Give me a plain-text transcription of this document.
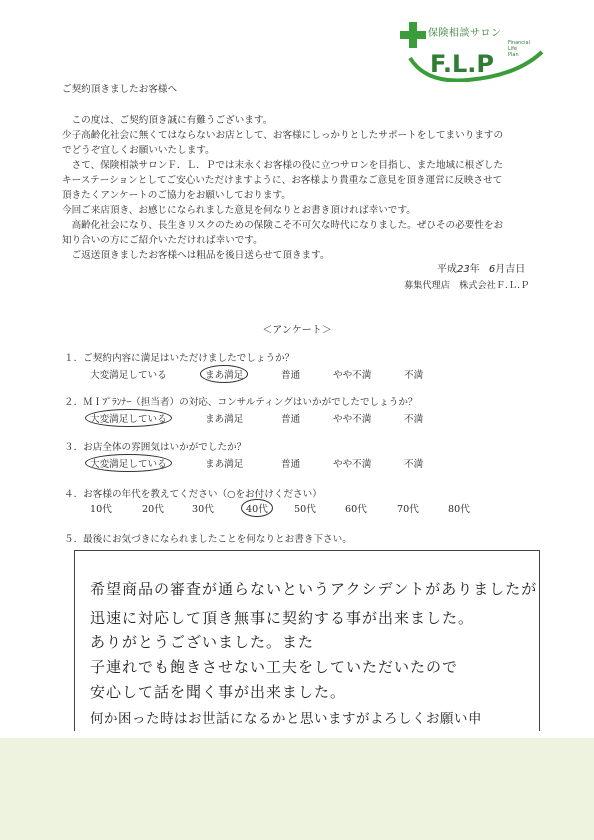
保険相談サロン
F.L.P
Financial
Life
Plan
ご契約頂きましたお客様へ

　この度は、ご契約頂き誠に有難うございます。

少子高齢化社会に無くてはならないお店として、お客様にしっかりとしたサポートをしてまいりますの

でどうぞ宜しくお願いいたします。

　さて、保険相談サロンＦ．Ｌ．Ｐでは末永くお客様の役に立つサロンを目指し、また地域に根ざした

キーステーションとしてご安心いただけますように、お客様より貴重なご意見を頂き運営に反映させて

頂きたくアンケートのご協力をお願いしております。

今回ご来店頂き、お感じになられました意見を何なりとお書き頂ければ幸いです。

　高齢化社会になり、長生きリスクのための保険こそ不可欠な時代になりました。ぜひその必要性をお

知り合いの方にご紹介いただければ幸いです。

　ご返送頂きましたお客様へは粗品を後日送らせて頂きます。

平成23年 6月吉日
募集代理店　株式会社Ｆ.Ｌ.Ｐ
＜アンケート＞
１．ご契約内容に満足はいただけましたでしょうか？
大変満足している	まあ満足	普通	やや不満	不満
２．ＭＩﾌﾟﾗﾝﾅｰ（担当者）の対応、コンサルティングはいかがでしたでしょうか？
大変満足している	まあ満足	普通	やや不満	不満
３．お店全体の雰囲気はいかがでしたか？
大変満足している	まあ満足	普通	やや不満	不満
４．お客様の年代を教えてください（○をお付けください）
10代	20代	30代	40代	50代	60代	70代	80代
５．最後にお気づきになられましたことを何なりとお書き下さい。
希望商品の審査が通らないというアクシデントがありましたが
迅速に対応して頂き無事に契約する事が出来ました。
ありがとうございました。また
子連れでも飽きさせない工夫をしていただいたので
安心して話を聞く事が出来ました。
何か困った時はお世話になるかと思いますがよろしくお願い申
